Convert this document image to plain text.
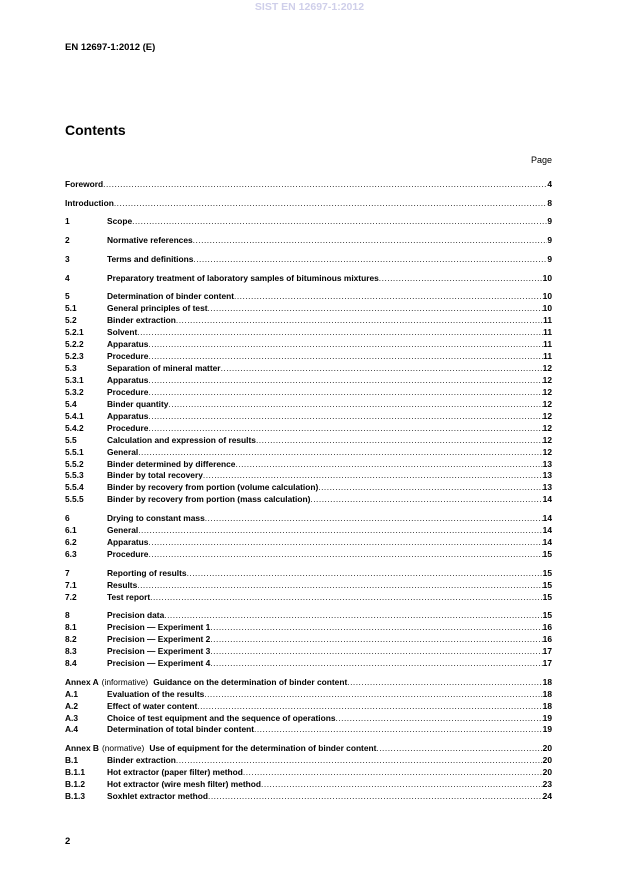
SIST EN 12697-1:2012
EN 12697-1:2012 (E)
Contents
Page
Foreword .....	4
Introduction .....	8
1	Scope .....	9
2	Normative references .....	9
3	Terms and definitions .....	9
4	Preparatory treatment of laboratory samples of bituminous mixtures .....	10
5	Determination of binder content .....	10
5.1	General principles of test .....	10
5.2	Binder extraction .....	11
5.2.1	Solvent .....	11
5.2.2	Apparatus .....	11
5.2.3	Procedure .....	11
5.3	Separation of mineral matter .....	12
5.3.1	Apparatus .....	12
5.3.2	Procedure .....	12
5.4	Binder quantity .....	12
5.4.1	Apparatus .....	12
5.4.2	Procedure .....	12
5.5	Calculation and expression of results .....	12
5.5.1	General .....	12
5.5.2	Binder determined by difference .....	13
5.5.3	Binder by total recovery .....	13
5.5.4	Binder by recovery from portion (volume calculation) .....	13
5.5.5	Binder by recovery from portion (mass calculation) .....	14
6	Drying to constant mass .....	14
6.1	General .....	14
6.2	Apparatus .....	14
6.3	Procedure .....	15
7	Reporting of results .....	15
7.1	Results .....	15
7.2	Test report .....	15
8	Precision data .....	15
8.1	Precision — Experiment 1 .....	16
8.2	Precision — Experiment 2 .....	16
8.3	Precision — Experiment 3 .....	17
8.4	Precision — Experiment 4 .....	17
Annex A (informative) Guidance on the determination of binder content .....	18
A.1	Evaluation of the results .....	18
A.2	Effect of water content .....	18
A.3	Choice of test equipment and the sequence of operations .....	19
A.4	Determination of total binder content .....	19
Annex B (normative) Use of equipment for the determination of binder content .....	20
B.1	Binder extraction .....	20
B.1.1	Hot extractor (paper filter) method .....	20
B.1.2	Hot extractor (wire mesh filter) method .....	23
B.1.3	Soxhlet extractor method .....	24
2
